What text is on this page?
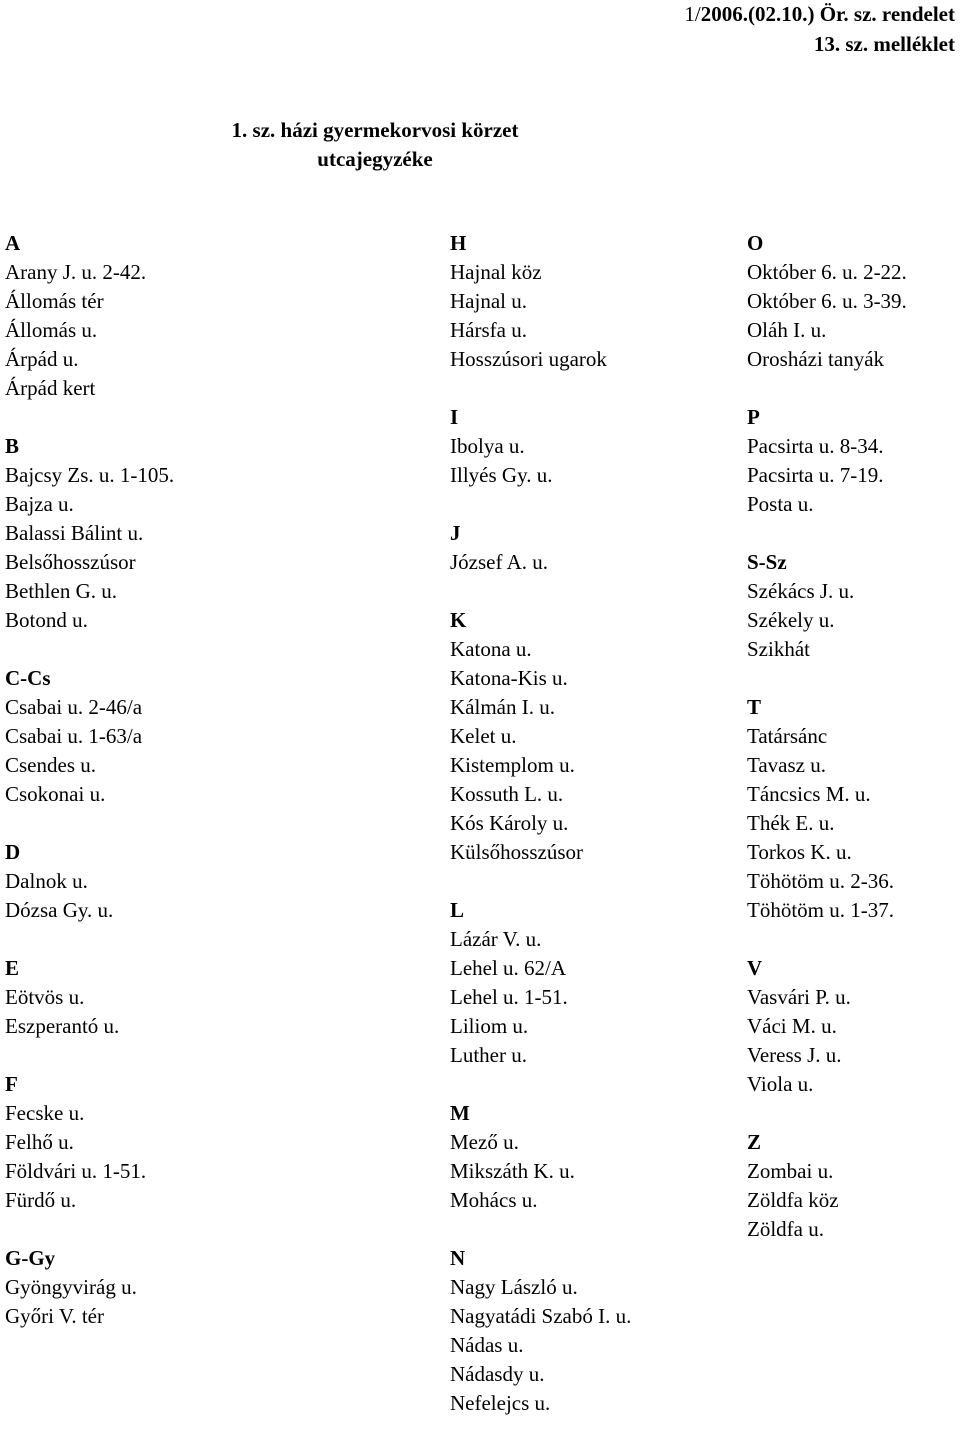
1/2006.(02.10.) Ör. sz. rendelet
13. sz. melléklet
1. sz. házi gyermekorvosi körzet
utcajegyzéke
A
Arany J. u. 2-42.
Állomás tér
Állomás u.
Árpád u.
Árpád kert
B
Bajcsy Zs. u. 1-105.
Bajza u.
Balassi Bálint u.
Belsőhosszúsor
Bethlen G. u.
Botond u.
C-Cs
Csabai u. 2-46/a
Csabai u. 1-63/a
Csendes u.
Csokonai u.
D
Dalnok u.
Dózsa Gy. u.
E
Eötvös u.
Eszperantó u.
F
Fecske u.
Felhő u.
Földvári u. 1-51.
Fürdő u.
G-Gy
Gyöngyvirág u.
Győri V. tér
H
Hajnal köz
Hajnal u.
Hársfa u.
Hosszúsori ugarok
I
Ibolya u.
Illyés Gy. u.
J
József A. u.
K
Katona u.
Katona-Kis u.
Kálmán I. u.
Kelet u.
Kistemplom u.
Kossuth L. u.
Kós Károly u.
Külsőhosszúsor
L
Lázár V. u.
Lehel u. 62/A
Lehel u. 1-51.
Liliom u.
Luther u.
M
Mező u.
Mikszáth K. u.
Mohács u.
N
Nagy László u.
Nagyatádi Szabó I. u.
Nádas u.
Nádasdy u.
Nefelejcs u.
O
Október 6. u. 2-22.
Október 6. u. 3-39.
Oláh I. u.
Orosházi tanyák
P
Pacsirta u. 8-34.
Pacsirta u. 7-19.
Posta u.
S-Sz
Székács J. u.
Székely u.
Szikhát
T
Tatársánc
Tavasz u.
Táncsics M. u.
Thék E. u.
Torkos K. u.
Töhötöm u. 2-36.
Töhötöm u. 1-37.
V
Vasvári P. u.
Váci M. u.
Veress J. u.
Viola u.
Z
Zombai u.
Zöldfa köz
Zöldfa u.
